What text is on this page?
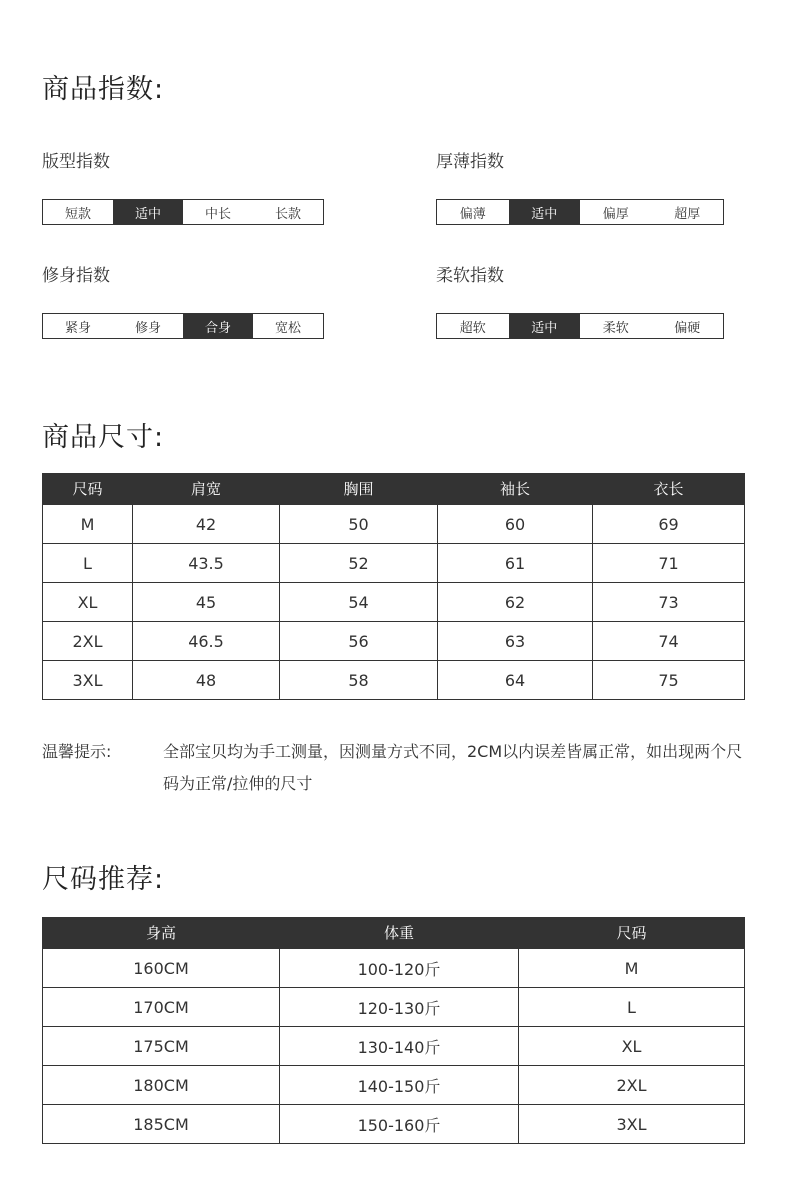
商品指数:
版型指数
短款	适中	中长	长款
厚薄指数
偏薄	适中	偏厚	超厚
修身指数
紧身	修身	合身	宽松
柔软指数
超软	适中	柔软	偏硬
商品尺寸:
尺码	肩宽	胸围	袖长	衣长
M	42	50	60	69
L	43.5	52	61	71
XL	45	54	62	73
2XL	46.5	56	63	74
3XL	48	58	64	75
温馨提示:	全部宝贝均为手工测量，因测量方式不同，2CM以内误差皆属正常，如出现两个尺码为正常/拉伸的尺寸
尺码推荐:
身高	体重	尺码
160CM	100-120斤	M
170CM	120-130斤	L
175CM	130-140斤	XL
180CM	140-150斤	2XL
185CM	150-160斤	3XL
